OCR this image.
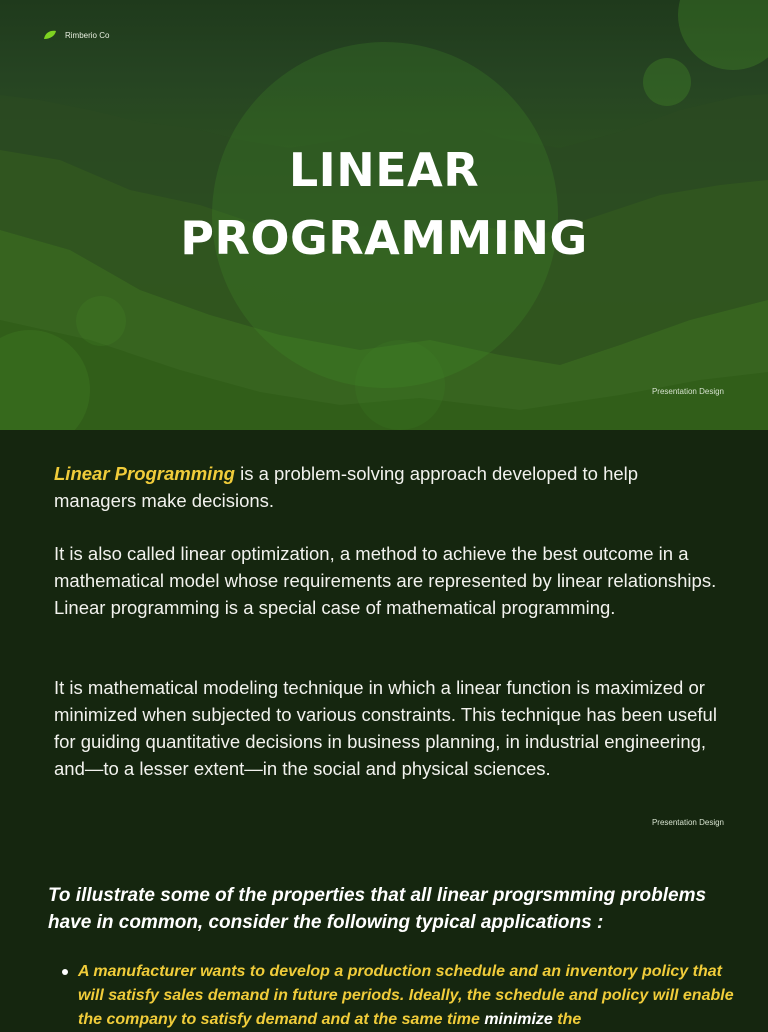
Rimberio Co
LINEAR
PROGRAMMING
Presentation Design

Linear Programming is a problem-solving approach developed to help managers make decisions.

It is also called linear optimization, a method to achieve the best outcome in a mathematical model whose requirements are represented by linear relationships. Linear programming is a special case of mathematical programming.

It is mathematical modeling technique in which a linear function is maximized or minimized when subjected to various constraints. This technique has been useful for guiding quantitative decisions in business planning, in industrial engineering, and—to a lesser extent—in the social and physical sciences.

Presentation Design

To illustrate some of the properties that all linear progrsmming problems have in common, consider the following typical applications :

A manufacturer wants to develop a production schedule and an inventory policy that will satisfy sales demand in future periods. Ideally, the schedule and policy will enable the company to satisfy demand and at the same time minimize the
